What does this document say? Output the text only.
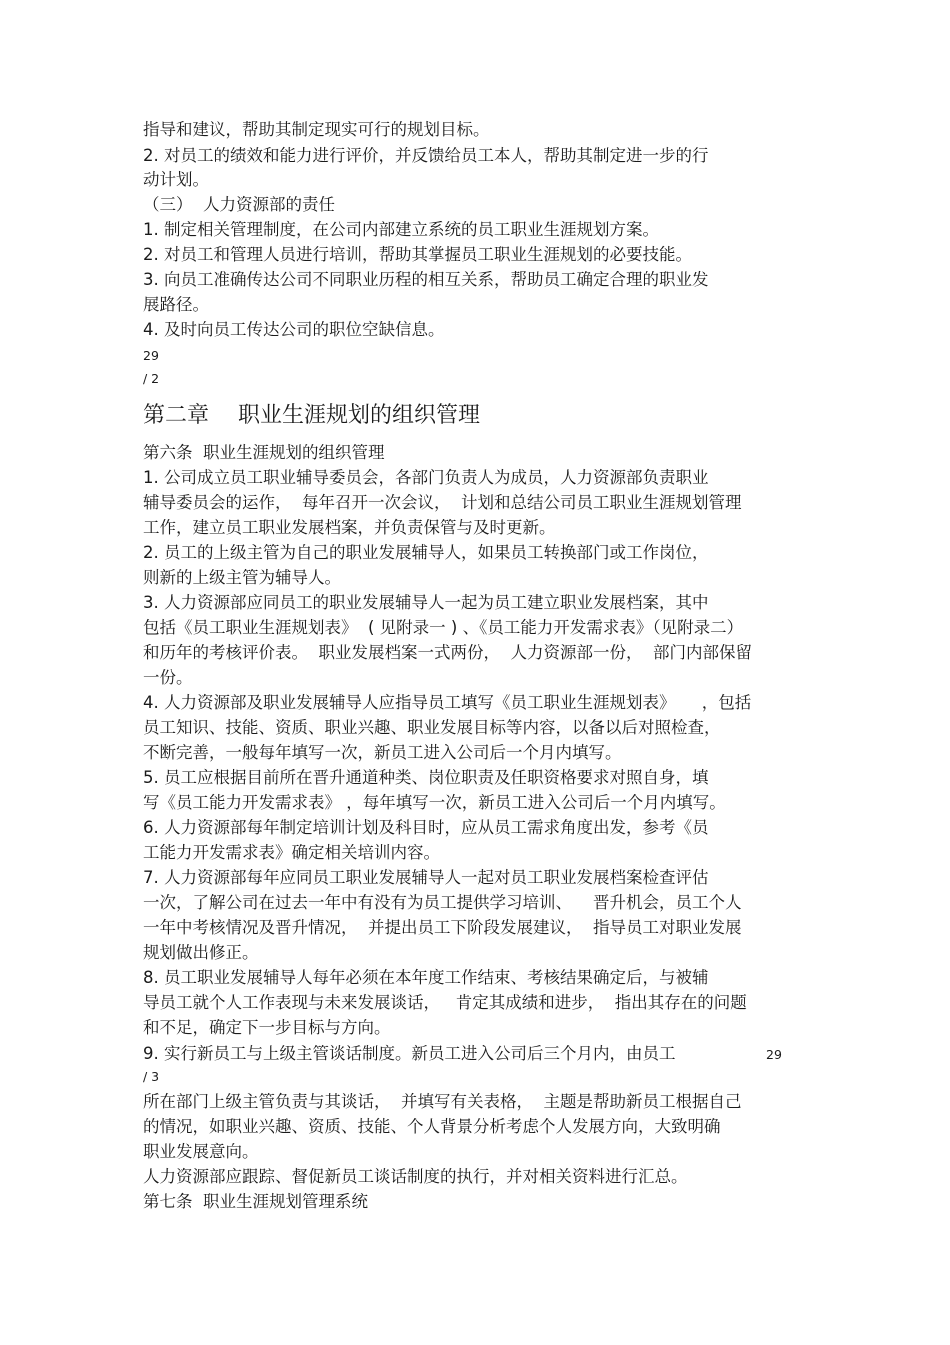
指导和建议，帮助其制定现实可行的规划目标。
2. 对员工的绩效和能力进行评价，并反馈给员工本人，帮助其制定进一步的行
动计划。
（三）  人力资源部的责任
1. 制定相关管理制度，在公司内部建立系统的员工职业生涯规划方案。
2. 对员工和管理人员进行培训，帮助其掌握员工职业生涯规划的必要技能。
3. 向员工准确传达公司不同职业历程的相互关系，帮助员工确定合理的职业发
展路径。
4. 及时向员工传达公司的职位空缺信息。
29
/ 2
第二章　 职业生涯规划的组织管理
第六条  职业生涯规划的组织管理
1. 公司成立员工职业辅导委员会，各部门负责人为成员，人力资源部负责职业
辅导委员会的运作，  每年召开一次会议，  计划和总结公司员工职业生涯规划管理
工作，建立员工职业发展档案，并负责保管与及时更新。
2. 员工的上级主管为自己的职业发展辅导人，如果员工转换部门或工作岗位，
则新的上级主管为辅导人。
3. 人力资源部应同员工的职业发展辅导人一起为员工建立职业发展档案，其中
包括《员工职业生涯规划表》  ( 见附录一 ) 、《员工能力开发需求表》（见附录二）
和历年的考核评价表。  职业发展档案一式两份，  人力资源部一份，  部门内部保留
一份。
4. 人力资源部及职业发展辅导人应指导员工填写《员工职业生涯规划表》     ，包括
员工知识、技能、资质、职业兴趣、职业发展目标等内容，以备以后对照检查，
不断完善，一般每年填写一次，新员工进入公司后一个月内填写。
5. 员工应根据目前所在晋升通道种类、岗位职责及任职资格要求对照自身，填
写《员工能力开发需求表》 ，每年填写一次，新员工进入公司后一个月内填写。
6. 人力资源部每年制定培训计划及科目时，应从员工需求角度出发，参考《员
工能力开发需求表》确定相关培训内容。
7. 人力资源部每年应同员工职业发展辅导人一起对员工职业发展档案检查评估
一次，了解公司在过去一年中有没有为员工提供学习培训、    晋升机会，员工个人
一年中考核情况及晋升情况，  并提出员工下阶段发展建议，  指导员工对职业发展
规划做出修正。
8. 员工职业发展辅导人每年必须在本年度工作结束、考核结果确定后，与被辅
导员工就个人工作表现与未来发展谈话，   肯定其成绩和进步，  指出其存在的问题
和不足，确定下一步目标与方向。
9. 实行新员工与上级主管谈话制度。新员工进入公司后三个月内，由员工	29
/ 3
所在部门上级主管负责与其谈话，  并填写有关表格，  主题是帮助新员工根据自己
的情况，如职业兴趣、资质、技能、个人背景分析考虑个人发展方向，大致明确
职业发展意向。
人力资源部应跟踪、督促新员工谈话制度的执行，并对相关资料进行汇总。
第七条  职业生涯规划管理系统
